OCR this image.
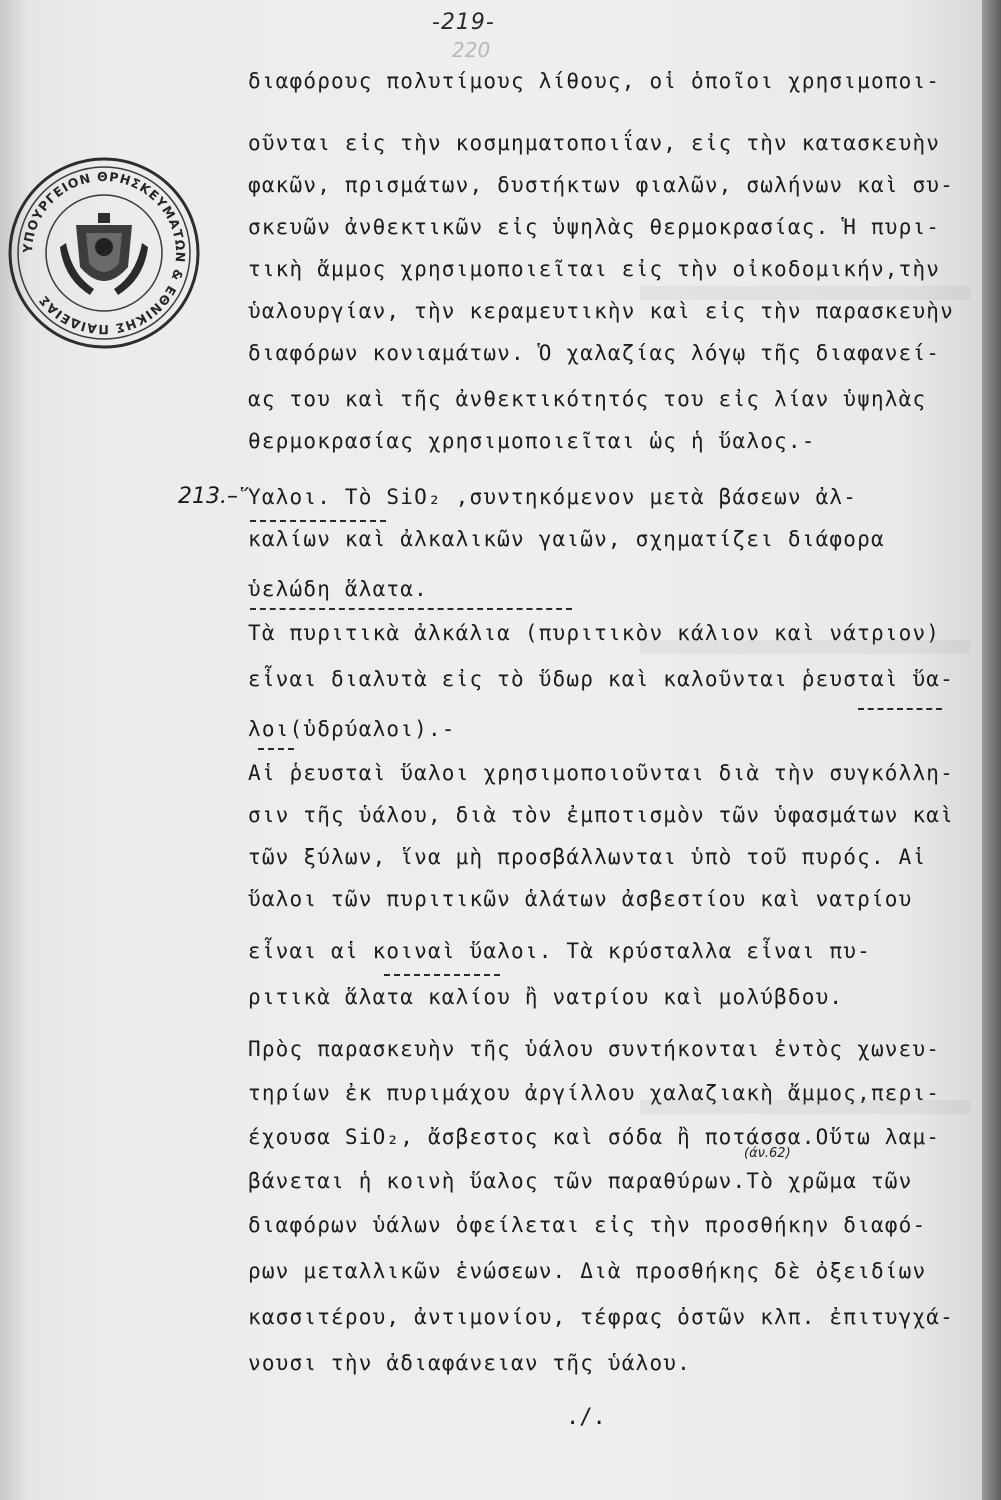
-219-
220
ΥΠΟΥΡΓΕΙΟΝ ΘΡΗΣΚΕΥΜΑΤΩΝ & ΕΘΝΙΚΗΣ ΠΑΙΔΕΙΑΣ
διαφόρους πολυτίμους λίθους, οἱ ὁποῖοι χρησιμοποι-
οῦνται εἰς τὴν κοσμηματοποιΐαν, εἰς τὴν κατασκευὴν
φακῶν, πρισμάτων, δυστήκτων φιαλῶν, σωλήνων καὶ συ-
σκευῶν ἀνθεκτικῶν εἰς ὑψηλὰς θερμοκρασίας. Ἡ πυρι-
τικὴ ἄμμος χρησιμοποιεῖται εἰς τὴν οἰκοδομικήν,τὴν
ὑαλουργίαν, τὴν κεραμευτικὴν καὶ εἰς τὴν παρασκευὴν
διαφόρων κονιαμάτων. Ὁ χαλαζίας λόγῳ τῆς διαφανεί-
ας του καὶ τῆς ἀνθεκτικότητός του εἰς λίαν ὑψηλὰς
θερμοκρασίας χρησιμοποιεῖται ὡς ἡ ὕαλος.-
213.– Ὕαλοι. Τὸ SiO₂ ,συντηκόμενον μετὰ βάσεων ἀλ-
καλίων καὶ ἀλκαλικῶν γαιῶν, σχηματίζει διάφορα
ὑελώδη ἅλατα.
Τὰ πυριτικὰ ἀλκάλια (πυριτικὸν κάλιον καὶ νάτριον)
εἶναι διαλυτὰ εἰς τὸ ὕδωρ καὶ καλοῦνται ῥευσταὶ ὕα-
λοι(ὑδρύαλοι).-
Αἱ ῥευσταὶ ὕαλοι χρησιμοποιοῦνται διὰ τὴν συγκόλλη-
σιν τῆς ὑάλου, διὰ τὸν ἐμποτισμὸν τῶν ὑφασμάτων καὶ
τῶν ξύλων, ἵνα μὴ προσβάλλωνται ὑπὸ τοῦ πυρός. Αἱ
ὕαλοι τῶν πυριτικῶν ἁλάτων ἀσβεστίου καὶ νατρίου
εἶναι αἱ κοιναὶ ὕαλοι. Τὰ κρύσταλλα εἶναι πυ-
ριτικὰ ἅλατα καλίου ἢ νατρίου καὶ μολύβδου.
Πρὸς παρασκευὴν τῆς ὑάλου συντήκονται ἐντὸς χωνευ-
τηρίων ἐκ πυριμάχου ἀργίλλου χαλαζιακὴ ἄμμος,περι-
έχουσα SiO₂, ἄσβεστος καὶ σόδα ἢ ποτάσσα.Οὕτω λαμ-
(άν.62)
βάνεται ἡ κοινὴ ὕαλος τῶν παραθύρων.Τὸ χρῶμα τῶν
διαφόρων ὑάλων ὀφείλεται εἰς τὴν προσθήκην διαφό-
ρων μεταλλικῶν ἑνώσεων. Διὰ προσθήκης δὲ ὀξειδίων
κασσιτέρου, ἀντιμονίου, τέφρας ὀστῶν κλπ. ἐπιτυγχά-
νουσι τὴν ἀδιαφάνειαν τῆς ὑάλου.
./.
